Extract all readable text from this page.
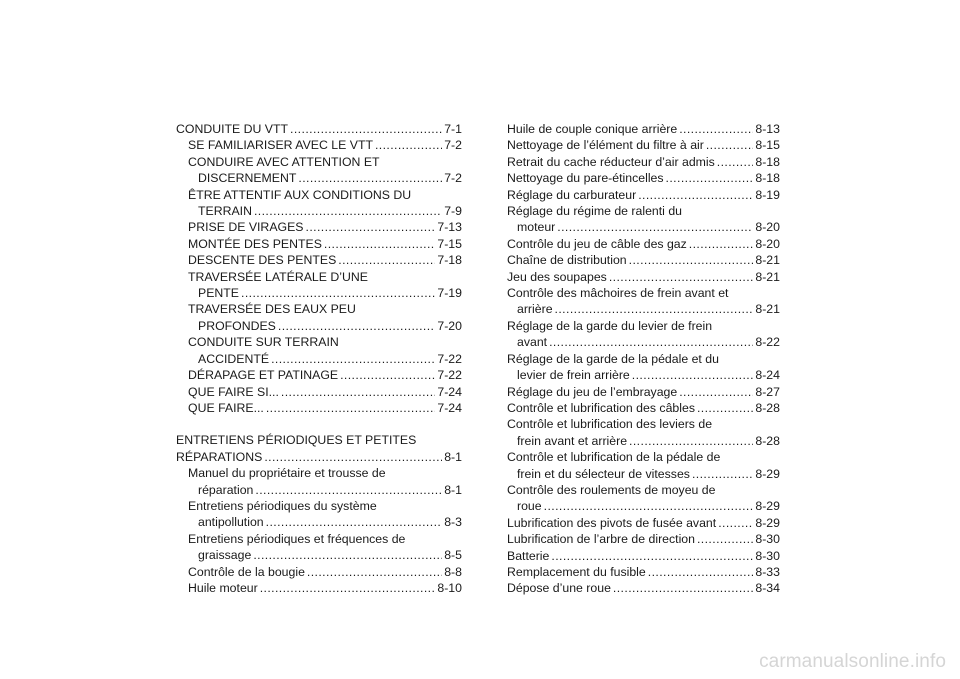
CONDUITE DU VTT .....	7-1
SE FAMILIARISER AVEC LE VTT .....	7-2
CONDUIRE AVEC ATTENTION ET
DISCERNEMENT .....	7-2
ÊTRE ATTENTIF AUX CONDITIONS DU
TERRAIN .....	7-9
PRISE DE VIRAGES .....	7-13
MONTÉE DES PENTES .....	7-15
DESCENTE DES PENTES .....	7-18
TRAVERSÉE LATÉRALE D’UNE
PENTE .....	7-19
TRAVERSÉE DES EAUX PEU
PROFONDES .....	7-20
CONDUITE SUR TERRAIN
ACCIDENTÉ .....	7-22
DÉRAPAGE ET PATINAGE .....	7-22
QUE FAIRE SI... .....	7-24
QUE FAIRE... .....	7-24
ENTRETIENS PÉRIODIQUES ET PETITES
RÉPARATIONS .....	8-1
Manuel du propriétaire et trousse de
réparation .....	8-1
Entretiens périodiques du système
antipollution .....	8-3
Entretiens périodiques et fréquences de
graissage .....	8-5
Contrôle de la bougie .....	8-8
Huile moteur .....	8-10
Huile de couple conique arrière .....	8-13
Nettoyage de l’élément du filtre à air .....	8-15
Retrait du cache réducteur d’air admis .....	8-18
Nettoyage du pare-étincelles .....	8-18
Réglage du carburateur .....	8-19
Réglage du régime de ralenti du
moteur .....	8-20
Contrôle du jeu de câble des gaz .....	8-20
Chaîne de distribution .....	8-21
Jeu des soupapes .....	8-21
Contrôle des mâchoires de frein avant et
arrière .....	8-21
Réglage de la garde du levier de frein
avant .....	8-22
Réglage de la garde de la pédale et du
levier de frein arrière .....	8-24
Réglage du jeu de l’embrayage .....	8-27
Contrôle et lubrification des câbles .....	8-28
Contrôle et lubrification des leviers de
frein avant et arrière .....	8-28
Contrôle et lubrification de la pédale de
frein et du sélecteur de vitesses .....	8-29
Contrôle des roulements de moyeu de
roue .....	8-29
Lubrification des pivots de fusée avant .....	8-29
Lubrification de l’arbre de direction .....	8-30
Batterie .....	8-30
Remplacement du fusible .....	8-33
Dépose d’une roue .....	8-34
carmanualsonline.info
